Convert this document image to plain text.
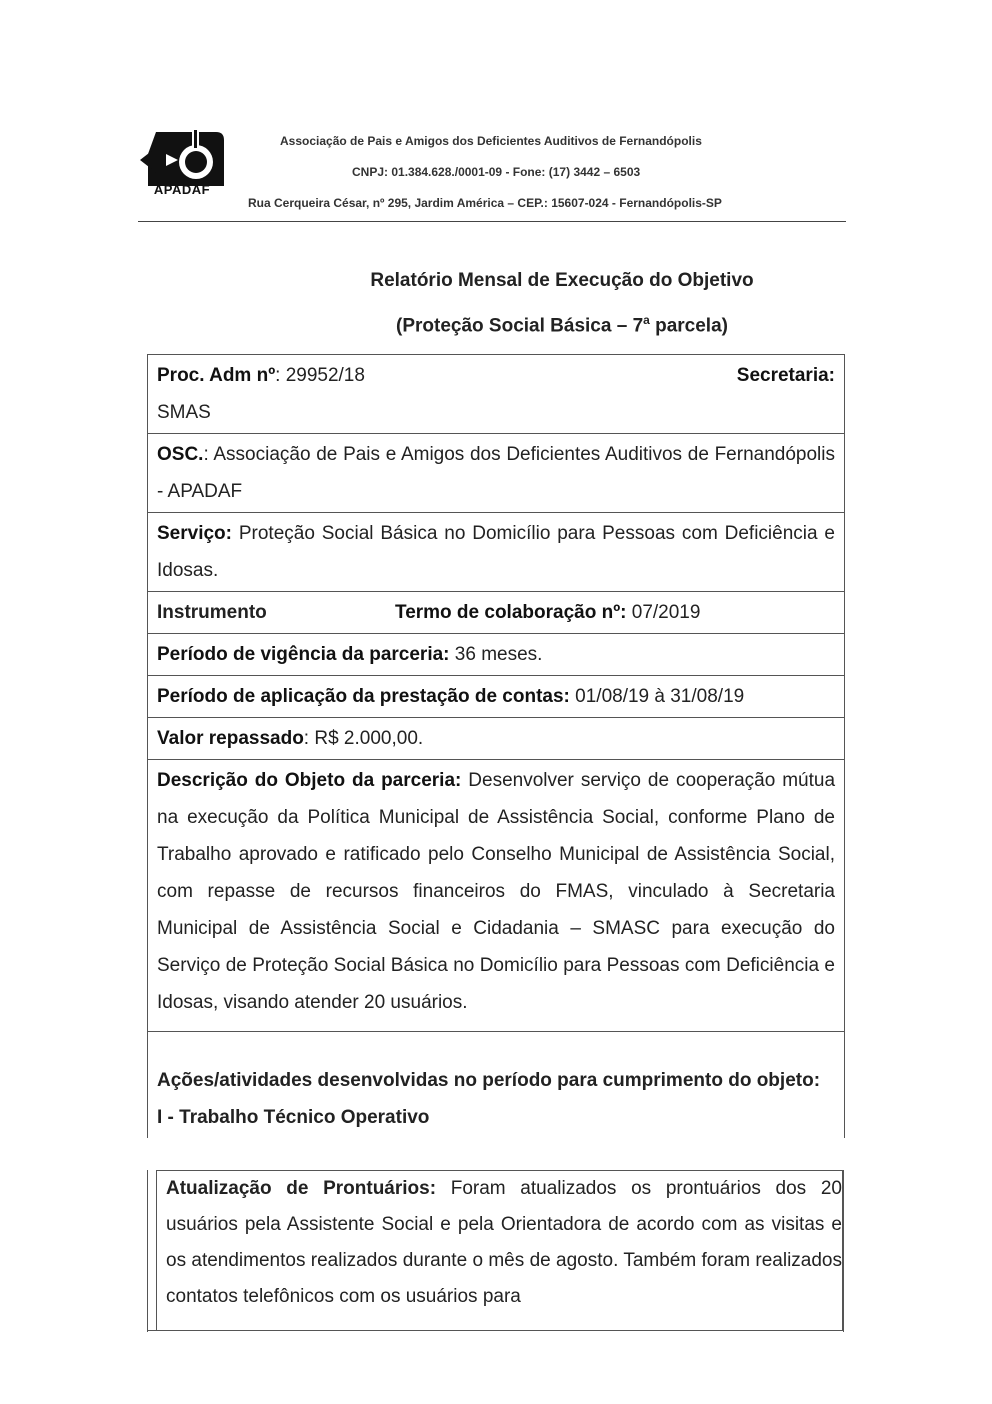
APADAF
Associação de Pais e Amigos dos Deficientes Auditivos de Fernandópolis
CNPJ: 01.384.628./0001-09 - Fone: (17) 3442 – 6503
Rua Cerqueira César, nº 295, Jardim América – CEP.: 15607-024 - Fernandópolis-SP
Relatório Mensal de Execução do Objetivo
(Proteção Social Básica – 7$^a$ parcela)
Proc. Adm nº: 29952/18	Secretaria:
SMAS
OSC.: Associação de Pais e Amigos dos Deficientes Auditivos de Fernandópolis - APADAF
Serviço: Proteção Social Básica no Domicílio para Pessoas com Deficiência e Idosas.
Instrumento	Termo de colaboração nº: 07/2019
Período de vigência da parceria: 36 meses.
Período de aplicação da prestação de contas: 01/08/19 à 31/08/19
Valor repassado: R$ 2.000,00.
Descrição do Objeto da parceria: Desenvolver serviço de cooperação mútua na execução da Política Municipal de Assistência Social, conforme Plano de Trabalho aprovado e ratificado pelo Conselho Municipal de Assistência Social, com repasse de recursos financeiros do FMAS, vinculado à Secretaria Municipal de Assistência Social e Cidadania – SMASC para execução do Serviço de Proteção Social Básica no Domicílio para Pessoas com Deficiência e Idosas, visando atender 20 usuários.
Ações/atividades desenvolvidas no período para cumprimento do objeto:
I - Trabalho Técnico Operativo
Atualização de Prontuários: Foram atualizados os prontuários dos 20 usuários pela Assistente Social e pela Orientadora de acordo com as visitas e os atendimentos realizados durante o mês de agosto. Também foram realizados contatos telefônicos com os usuários para
